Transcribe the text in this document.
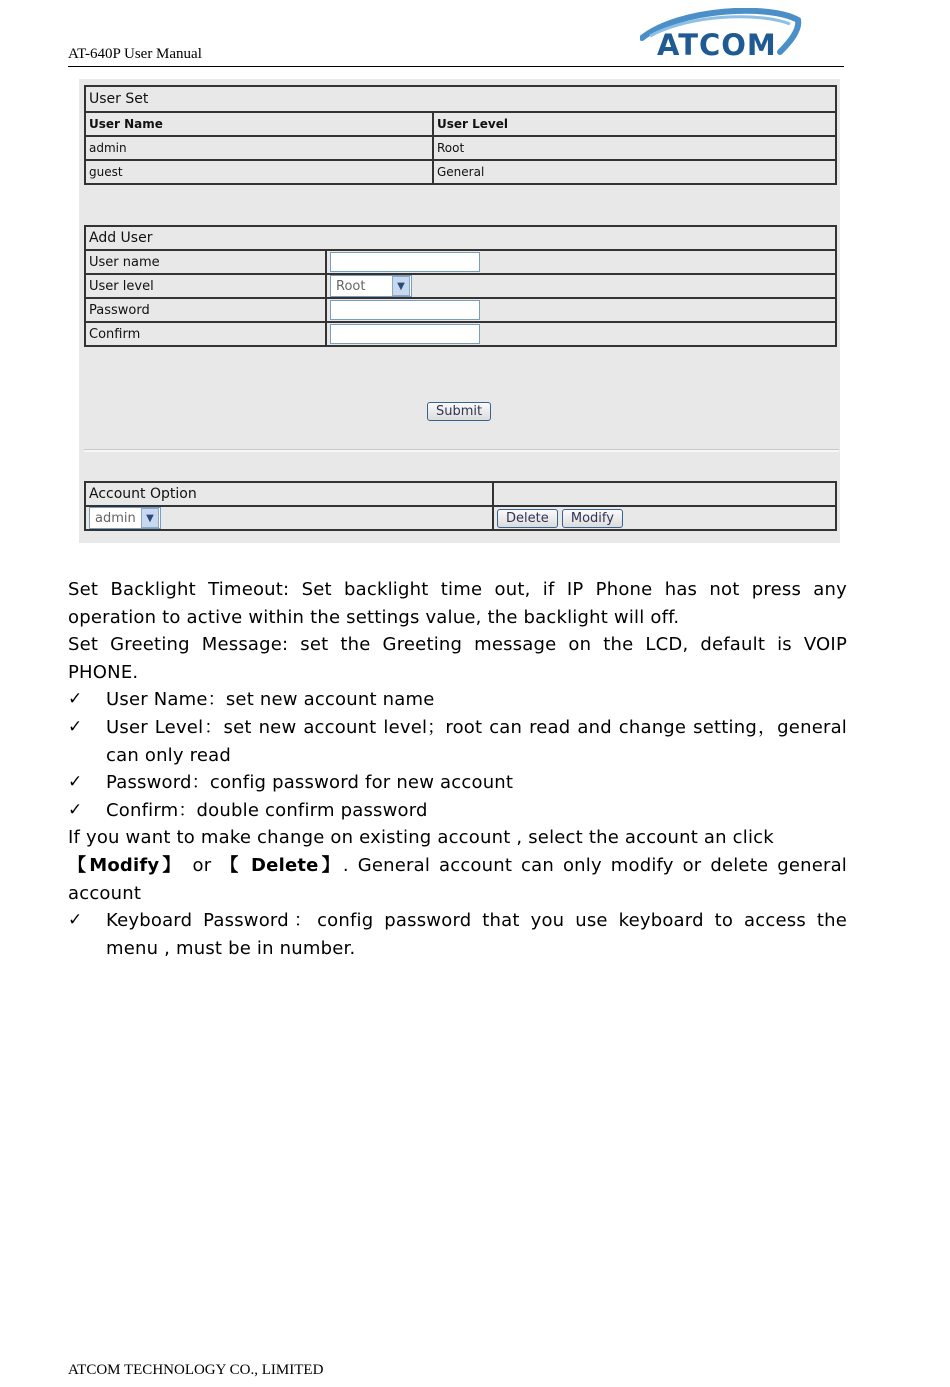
AT-640P User Manual	ATCOM
User Set	
User Name	User Level
admin	Root
guest	General
Add User	
User name	
User level	Root ▼

Password	
Confirm	
Submit
Account Option	

admin ▼	Delete Modify

Set Backlight Timeout: Set backlight time out, if IP Phone has not press any operation to active within the settings value, the backlight will off.

Set Greeting Message: set the Greeting message on the LCD, default is VOIP PHONE.

✓ User Name：set new account name

✓ User Level：set new account level；root can read and change setting，general can only read

✓ Password：config password for new account

✓ Confirm：double confirm password

If you want to make change on existing account , select the account an click

【Modify】 or 【 Delete】. General account can only modify or delete general account

✓ Keyboard Password：config password that you use keyboard to access the menu , must be in number.

ATCOM TECHNOLOGY CO., LIMITED
